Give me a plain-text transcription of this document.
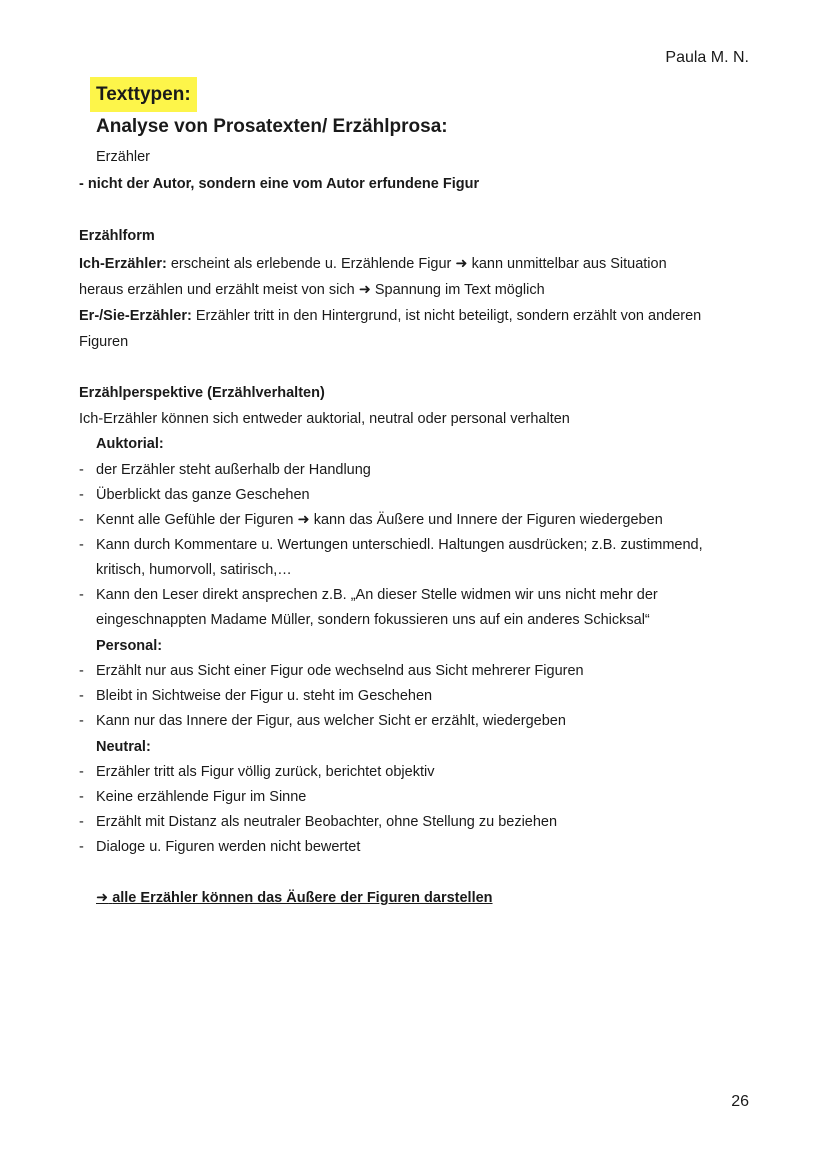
Paula M. N.
Texttypen:
Analyse von Prosatexten/ Erzählprosa:
Erzähler
- nicht der Autor, sondern eine vom Autor erfundene Figur
Erzählform
Ich-Erzähler: erscheint als erlebende u. Erzählende Figur ➜ kann unmittelbar aus Situation
heraus erzählen und erzählt meist von sich ➜ Spannung im Text möglich
Er-/Sie-Erzähler: Erzähler tritt in den Hintergrund, ist nicht beteiligt, sondern erzählt von anderen
Figuren
Erzählperspektive (Erzählverhalten)
Ich-Erzähler können sich entweder auktorial, neutral oder personal verhalten
Auktorial:
- der Erzähler steht außerhalb der Handlung
- Überblickt das ganze Geschehen
- Kennt alle Gefühle der Figuren ➜ kann das Äußere und Innere der Figuren wiedergeben
- Kann durch Kommentare u. Wertungen unterschiedl. Haltungen ausdrücken; z.B. zustimmend,
kritisch, humorvoll, satirisch,…
- Kann den Leser direkt ansprechen z.B. „An dieser Stelle widmen wir uns nicht mehr der
eingeschnappten Madame Müller, sondern fokussieren uns auf ein anderes Schicksal“
Personal:
- Erzählt nur aus Sicht einer Figur ode wechselnd aus Sicht mehrerer Figuren
- Bleibt in Sichtweise der Figur u. steht im Geschehen
- Kann nur das Innere der Figur, aus welcher Sicht er erzählt, wiedergeben
Neutral:
- Erzähler tritt als Figur völlig zurück, berichtet objektiv
- Keine erzählende Figur im Sinne
- Erzählt mit Distanz als neutraler Beobachter, ohne Stellung zu beziehen
- Dialoge u. Figuren werden nicht bewertet
➜ alle Erzähler können das Äußere der Figuren darstellen
26
